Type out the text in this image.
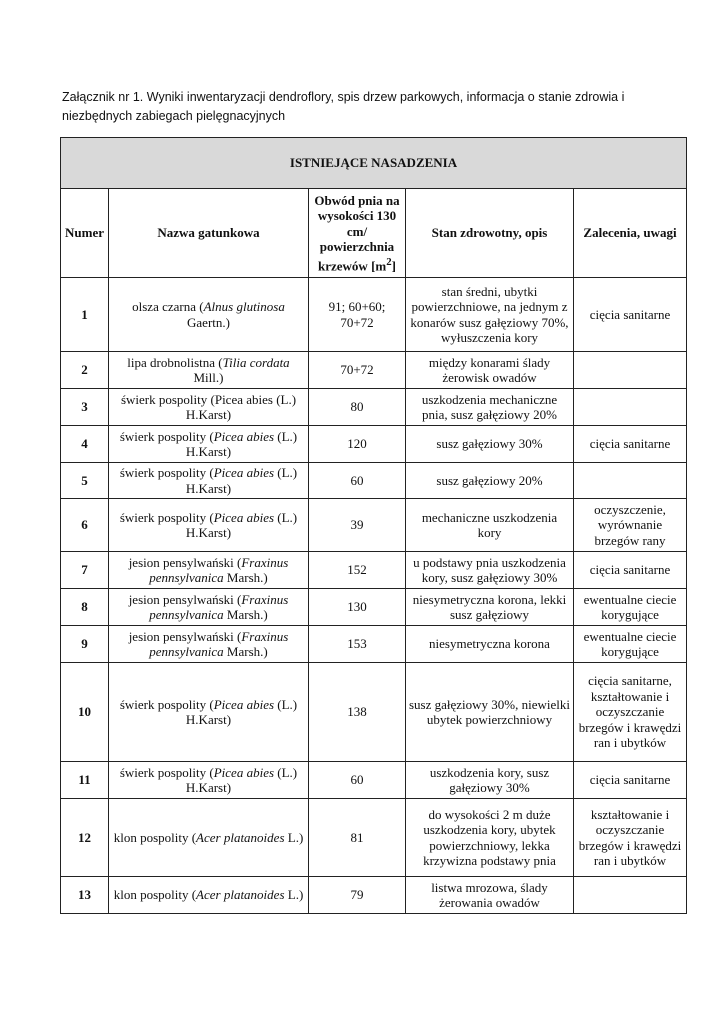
Załącznik nr 1. Wyniki inwentaryzacji dendroflory, spis drzew parkowych, informacja o stanie zdrowia i niezbędnych zabiegach pielęgnacyjnych
ISTNIEJĄCE NASADZENIA				
Numer	Nazwa gatunkowa	Obwód pnia na wysokości 130 cm/ powierzchnia krzewów $[m^2]$	Stan zdrowotny, opis	Zalecenia, uwagi
1	olsza czarna (Alnus glutinosa Gaertn.)	91; 60+60; 70+72	stan średni, ubytki powierzchniowe, na jednym z konarów susz gałęziowy 70%, wyłuszczenia kory	cięcia sanitarne
2	lipa drobnolistna (Tilia cordata Mill.)	70+72	między konarami ślady żerowisk owadów	
3	świerk pospolity (Picea abies (L.) H.Karst)	80	uszkodzenia mechaniczne pnia, susz gałęziowy 20%	
4	świerk pospolity (Picea abies (L.) H.Karst)	120	susz gałęziowy 30%	cięcia sanitarne
5	świerk pospolity (Picea abies (L.) H.Karst)	60	susz gałęziowy 20%	
6	świerk pospolity (Picea abies (L.) H.Karst)	39	mechaniczne uszkodzenia kory	oczyszczenie, wyrównanie brzegów rany
7	jesion pensylwański (Fraxinus pennsylvanica Marsh.)	152	u podstawy pnia uszkodzenia kory, susz gałęziowy 30%	cięcia sanitarne
8	jesion pensylwański (Fraxinus pennsylvanica Marsh.)	130	niesymetryczna korona, lekki susz gałęziowy	ewentualne ciecie korygujące
9	jesion pensylwański (Fraxinus pennsylvanica Marsh.)	153	niesymetryczna korona	ewentualne ciecie korygujące
10	świerk pospolity (Picea abies (L.) H.Karst)	138	susz gałęziowy 30%, niewielki ubytek powierzchniowy	cięcia sanitarne, kształtowanie i oczyszczanie brzegów i krawędzi ran i ubytków
11	świerk pospolity (Picea abies (L.) H.Karst)	60	uszkodzenia kory, susz gałęziowy 30%	cięcia sanitarne
12	klon pospolity (Acer platanoides L.)	81	do wysokości 2 m duże uszkodzenia kory, ubytek powierzchniowy, lekka krzywizna podstawy pnia	kształtowanie i oczyszczanie brzegów i krawędzi ran i ubytków
13	klon pospolity (Acer platanoides L.)	79	listwa mrozowa, ślady żerowania owadów	
